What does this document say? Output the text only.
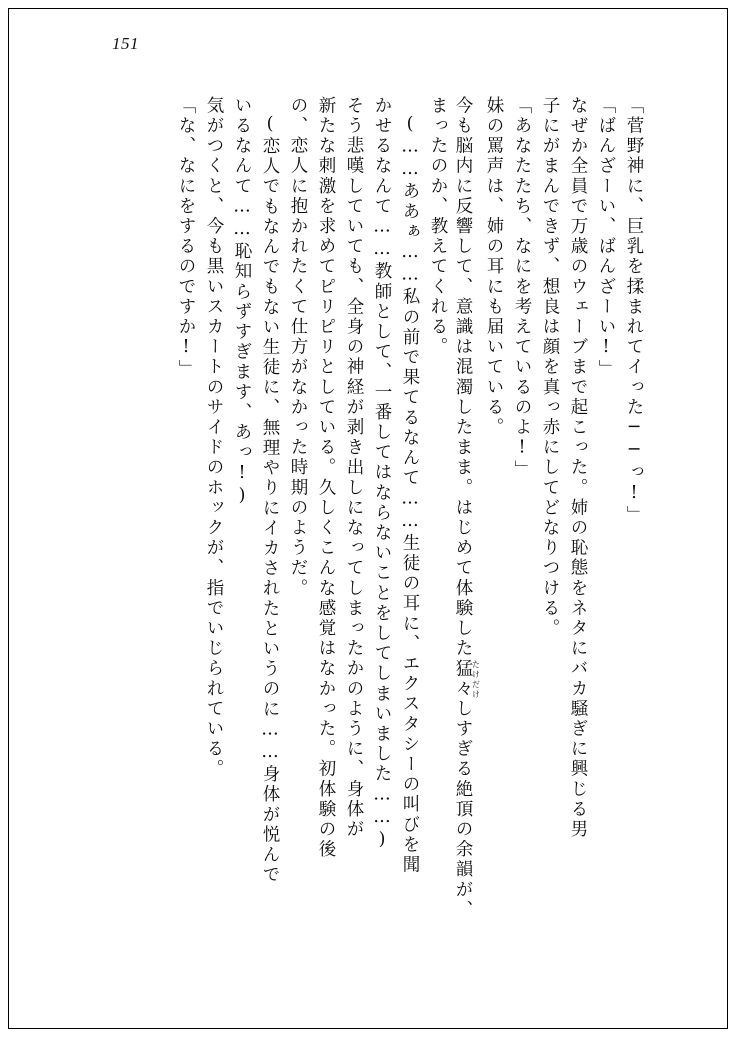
151
「菅野神に、巨乳を揉まれてイった──っ!」
「ばんざーい、ばんざーい!」
なぜか全員で万歳のウェーブまで起こった。姉の恥態をネタにバカ騒ぎに興じる男
子にがまんできず、想良は顔を真っ赤にしてどなりつける。
「あなたたち、なにを考えているのよ!」
妹の罵声は、姉の耳にも届いている。
今も脳内に反響して、意識は混濁したまま。はじめて体験した猛々たけだけしすぎる絶頂の余韻が、
まったのか、教えてくれる。
(……ああぁ……私の前で果てるなんて……生徒の耳に、エクスタシーの叫びを聞
かせるなんて……教師として、一番してはならないことをしてしまいました……)
そう悲嘆していても、全身の神経が剥き出しになってしまったかのように、身体が
新たな刺激を求めてピリピリとしている。久しくこんな感覚はなかった。初体験の後
の、恋人に抱かれたくて仕方がなかった時期のようだ。
(恋人でもなんでもない生徒に、無理やりにイカされたというのに……身体が悦んで
いるなんて……恥知らずすぎます、あっ!)
気がつくと、今も黒いスカートのサイドのホックが、指でいじられている。
「な、なにをするのですか!」
